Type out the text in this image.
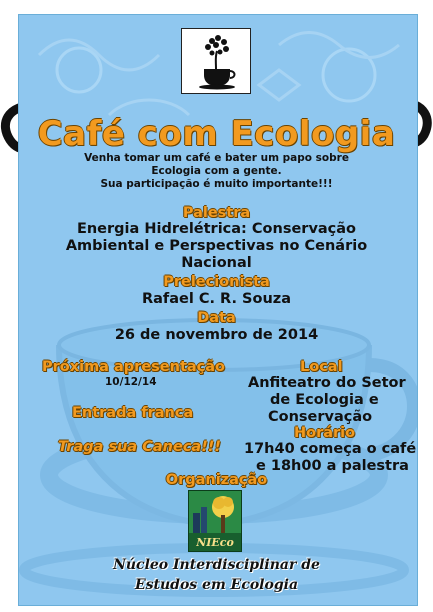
Café com Ecologia
Venha tomar um café e bater um papo sobre
Ecologia com a gente.
Sua participação é muito importante!!!
Palestra
Energia Hidrelétrica: Conservação
Ambiental e Perspectivas no Cenário
Nacional
Prelecionista
Rafael C. R. Souza
Data
26 de novembro de 2014
Próxima apresentação
10/12/14
Entrada franca
Traga sua Caneca!!!
Local
Anfiteatro do Setor
de Ecologia e
Conservação
Horário
17h40 começa o café
e 18h00 a palestra
Organização
NIEco
Núcleo Interdisciplinar de
Estudos em Ecologia
